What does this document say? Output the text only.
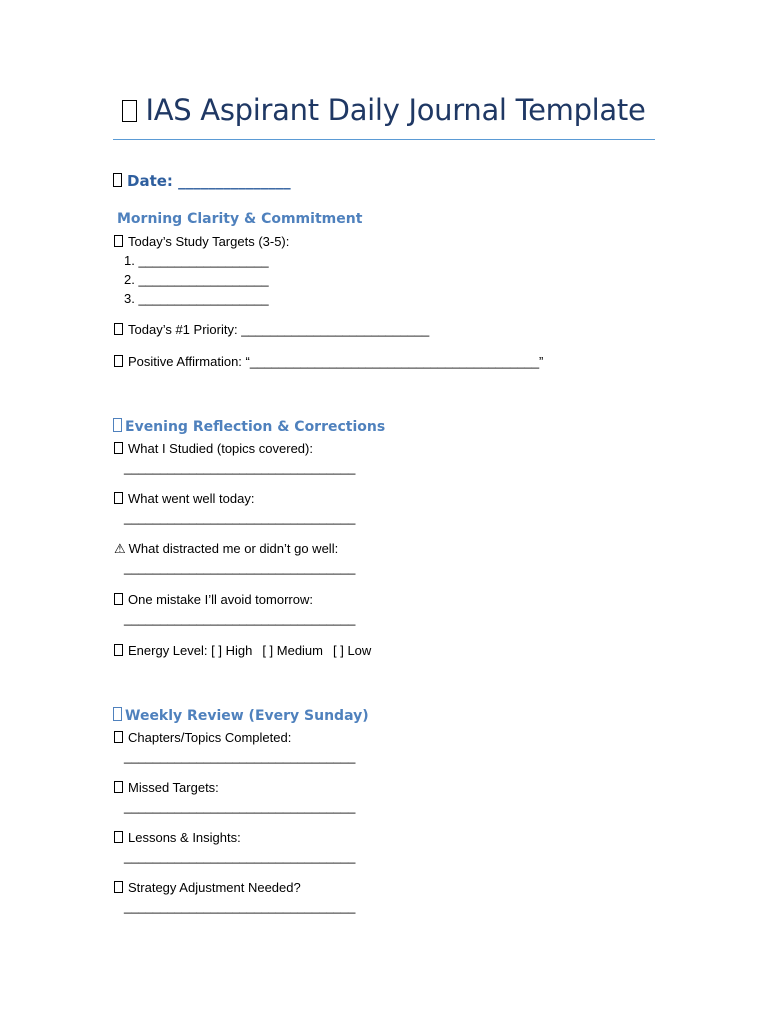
IAS Aspirant Daily Journal Template
Date: _______________
Morning Clarity & Commitment
Today’s Study Targets (3-5):
1. __________________
2. __________________
3. __________________
Today’s #1 Priority: __________________________
Positive Affirmation: “________________________________________”
Evening Reflection & Corrections
What I Studied (topics covered):
________________________________
What went well today:
________________________________
⚠ What distracted me or didn’t go well:
________________________________
One mistake I’ll avoid tomorrow:
________________________________
Energy Level: [ ] High [ ] Medium [ ] Low
Weekly Review (Every Sunday)
Chapters/Topics Completed:
________________________________
Missed Targets:
________________________________
Lessons & Insights:
________________________________
Strategy Adjustment Needed?
________________________________
